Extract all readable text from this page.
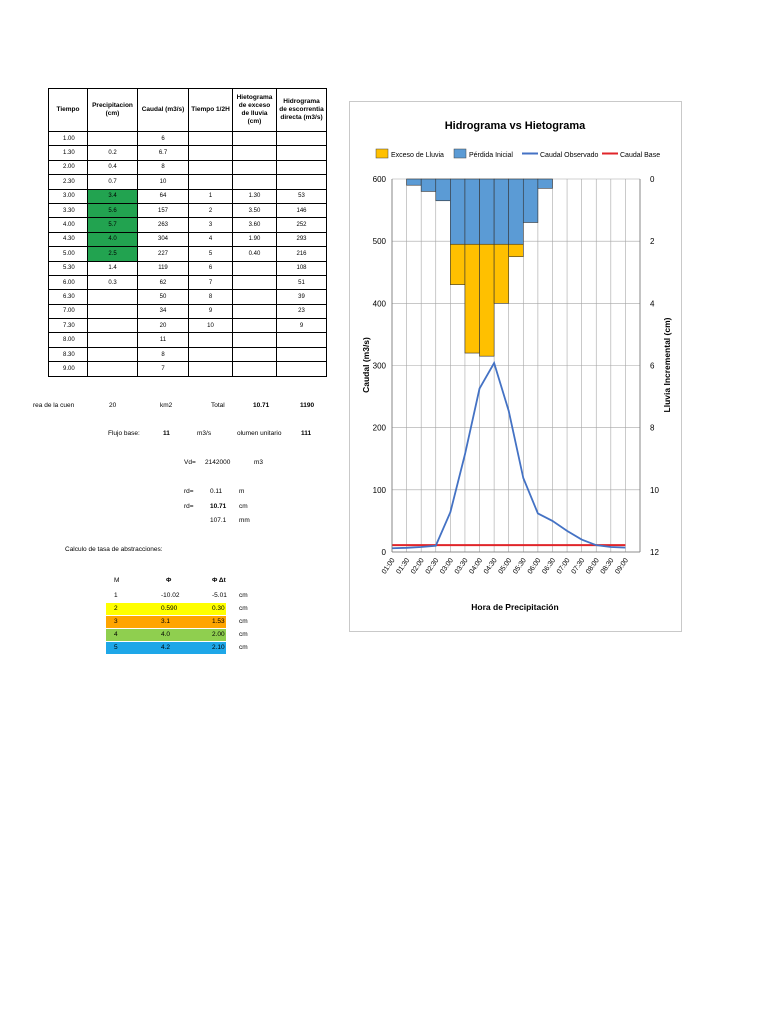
Tiempo	Precipitacion (cm)	Caudal (m3/s)	Tiempo 1/2H	Hietograma de exceso de lluvia (cm)	Hidrograma de escorrentia directa (m3/s)
1.00		6			
1.30	0.2	6.7			
2.00	0.4	8			
2.30	0.7	10			
3.00	3.4	64	1	1.30	53
3.30	5.6	157	2	3.50	146
4.00	5.7	263	3	3.60	252
4.30	4.0	304	4	1.90	293
5.00	2.5	227	5	0.40	216
5.30	1.4	119	6		108
6.00	0.3	62	7		51
6.30		50	8		39
7.00		34	9		23
7.30		20	10		9
8.00		11			
8.30		8			
9.00		7			
rea de la cuen	20	km2	Total	10.71	1190
Flujo base:	11	m3/s	olumen unitario	111
Vd= 2142000	m3
rd=	0.11	m
rd=	10.71 cm
107.1 mm
Calculo de tasa de abstracciones:
M	Φ	Φ Δt
1	-10.02	-5.01 cm
2	0.590	0.30 cm
3	3.1	1.53 cm
4	4.0	2.00 cm
5	4.2	2.10 cm
Hidrograma vs Hietograma
Exceso de Lluvia	Pérdida Inicial	Caudal Observado	Caudal Base
0
100
200
300
400
500
600	0
2
4
6
8
10
12
01:00
01:30
02:00
02:30
03:00
03:30
04:00
04:30
05:00
05:30
06:00
06:30
07:00
07:30
08:00
08:30
09:00
Hora de Precipitación
Caudal (m3/s)	Lluvia Incremental (cm)
